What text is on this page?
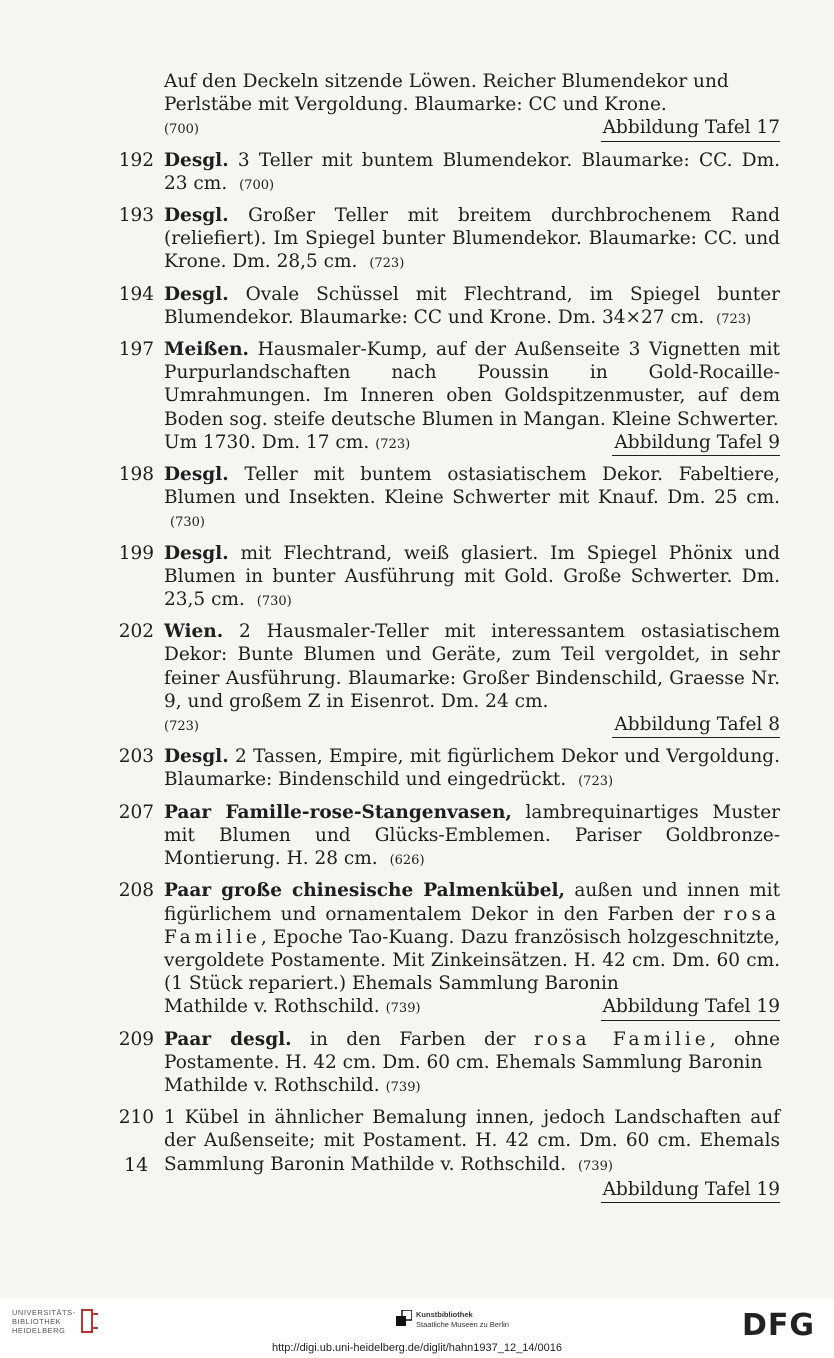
Auf den Deckeln sitzende Löwen. Reicher Blumendekor und
Perlstäbe mit Vergoldung. Blaumarke: CC und Krone.
(700)	Abbildung Tafel 17
192 Desgl. 3 Teller mit buntem Blumendekor. Blaumarke: CC. Dm. 23 cm. (700)
193 Desgl. Großer Teller mit breitem durchbrochenem Rand (reliefiert). Im Spiegel bunter Blumendekor. Blaumarke: CC. und Krone. Dm. 28,5 cm. (723)
194 Desgl. Ovale Schüssel mit Flechtrand, im Spiegel bunter Blumendekor. Blaumarke: CC und Krone. Dm. 34×27 cm. (723)
197 Meißen. Hausmaler-Kump, auf der Außenseite 3 Vignetten mit Purpurlandschaften nach Poussin in Gold-Rocaille-Umrahmungen. Im Inneren oben Goldspitzenmuster, auf dem Boden sog. steife deutsche Blumen in Mangan. Kleine Schwerter.
Um 1730. Dm. 17 cm. (723)	Abbildung Tafel 9
198 Desgl. Teller mit buntem ostasiatischem Dekor. Fabeltiere, Blumen und Insekten. Kleine Schwerter mit Knauf. Dm. 25 cm. (730)
199 Desgl. mit Flechtrand, weiß glasiert. Im Spiegel Phönix und Blumen in bunter Ausführung mit Gold. Große Schwerter. Dm. 23,5 cm. (730)
202 Wien. 2 Hausmaler-Teller mit interessantem ostasiatischem Dekor: Bunte Blumen und Geräte, zum Teil vergoldet, in sehr feiner Ausführung. Blaumarke: Großer Bindenschild, Graesse Nr. 9, und großem Z in Eisenrot. Dm. 24 cm.
(723)	Abbildung Tafel 8
203 Desgl. 2 Tassen, Empire, mit figürlichem Dekor und Vergoldung. Blaumarke: Bindenschild und eingedrückt. (723)
207 Paar Famille-rose-Stangenvasen, lambrequinartiges Muster mit Blumen und Glücks-Emblemen. Pariser Goldbronze-Montierung. H. 28 cm. (626)
208 Paar große chinesische Palmenkübel, außen und innen mit figürlichem und ornamentalem Dekor in den Farben der rosa Familie, Epoche Tao-Kuang. Dazu französisch holzgeschnitzte, vergoldete Postamente. Mit Zinkeinsätzen. H. 42 cm. Dm. 60 cm. (1 Stück repariert.) Ehemals Sammlung Baronin
Mathilde v. Rothschild. (739)	Abbildung Tafel 19
209 Paar desgl. in den Farben der rosa Familie, ohne Postamente. H. 42 cm. Dm. 60 cm. Ehemals Sammlung Baronin
Mathilde v. Rothschild. (739)
210 1 Kübel in ähnlicher Bemalung innen, jedoch Landschaften auf der Außenseite; mit Postament. H. 42 cm. Dm. 60 cm. Ehemals Sammlung Baronin Mathilde v. Rothschild. (739)
Abbildung Tafel 19
14
UNIVERSITÄTS-
BIBLIOTHEK
HEIDELBERG
Kunstbibliothek
Staatliche Museen zu Berlin	DFG
http://digi.ub.uni-heidelberg.de/diglit/hahn1937_12_14/0016
